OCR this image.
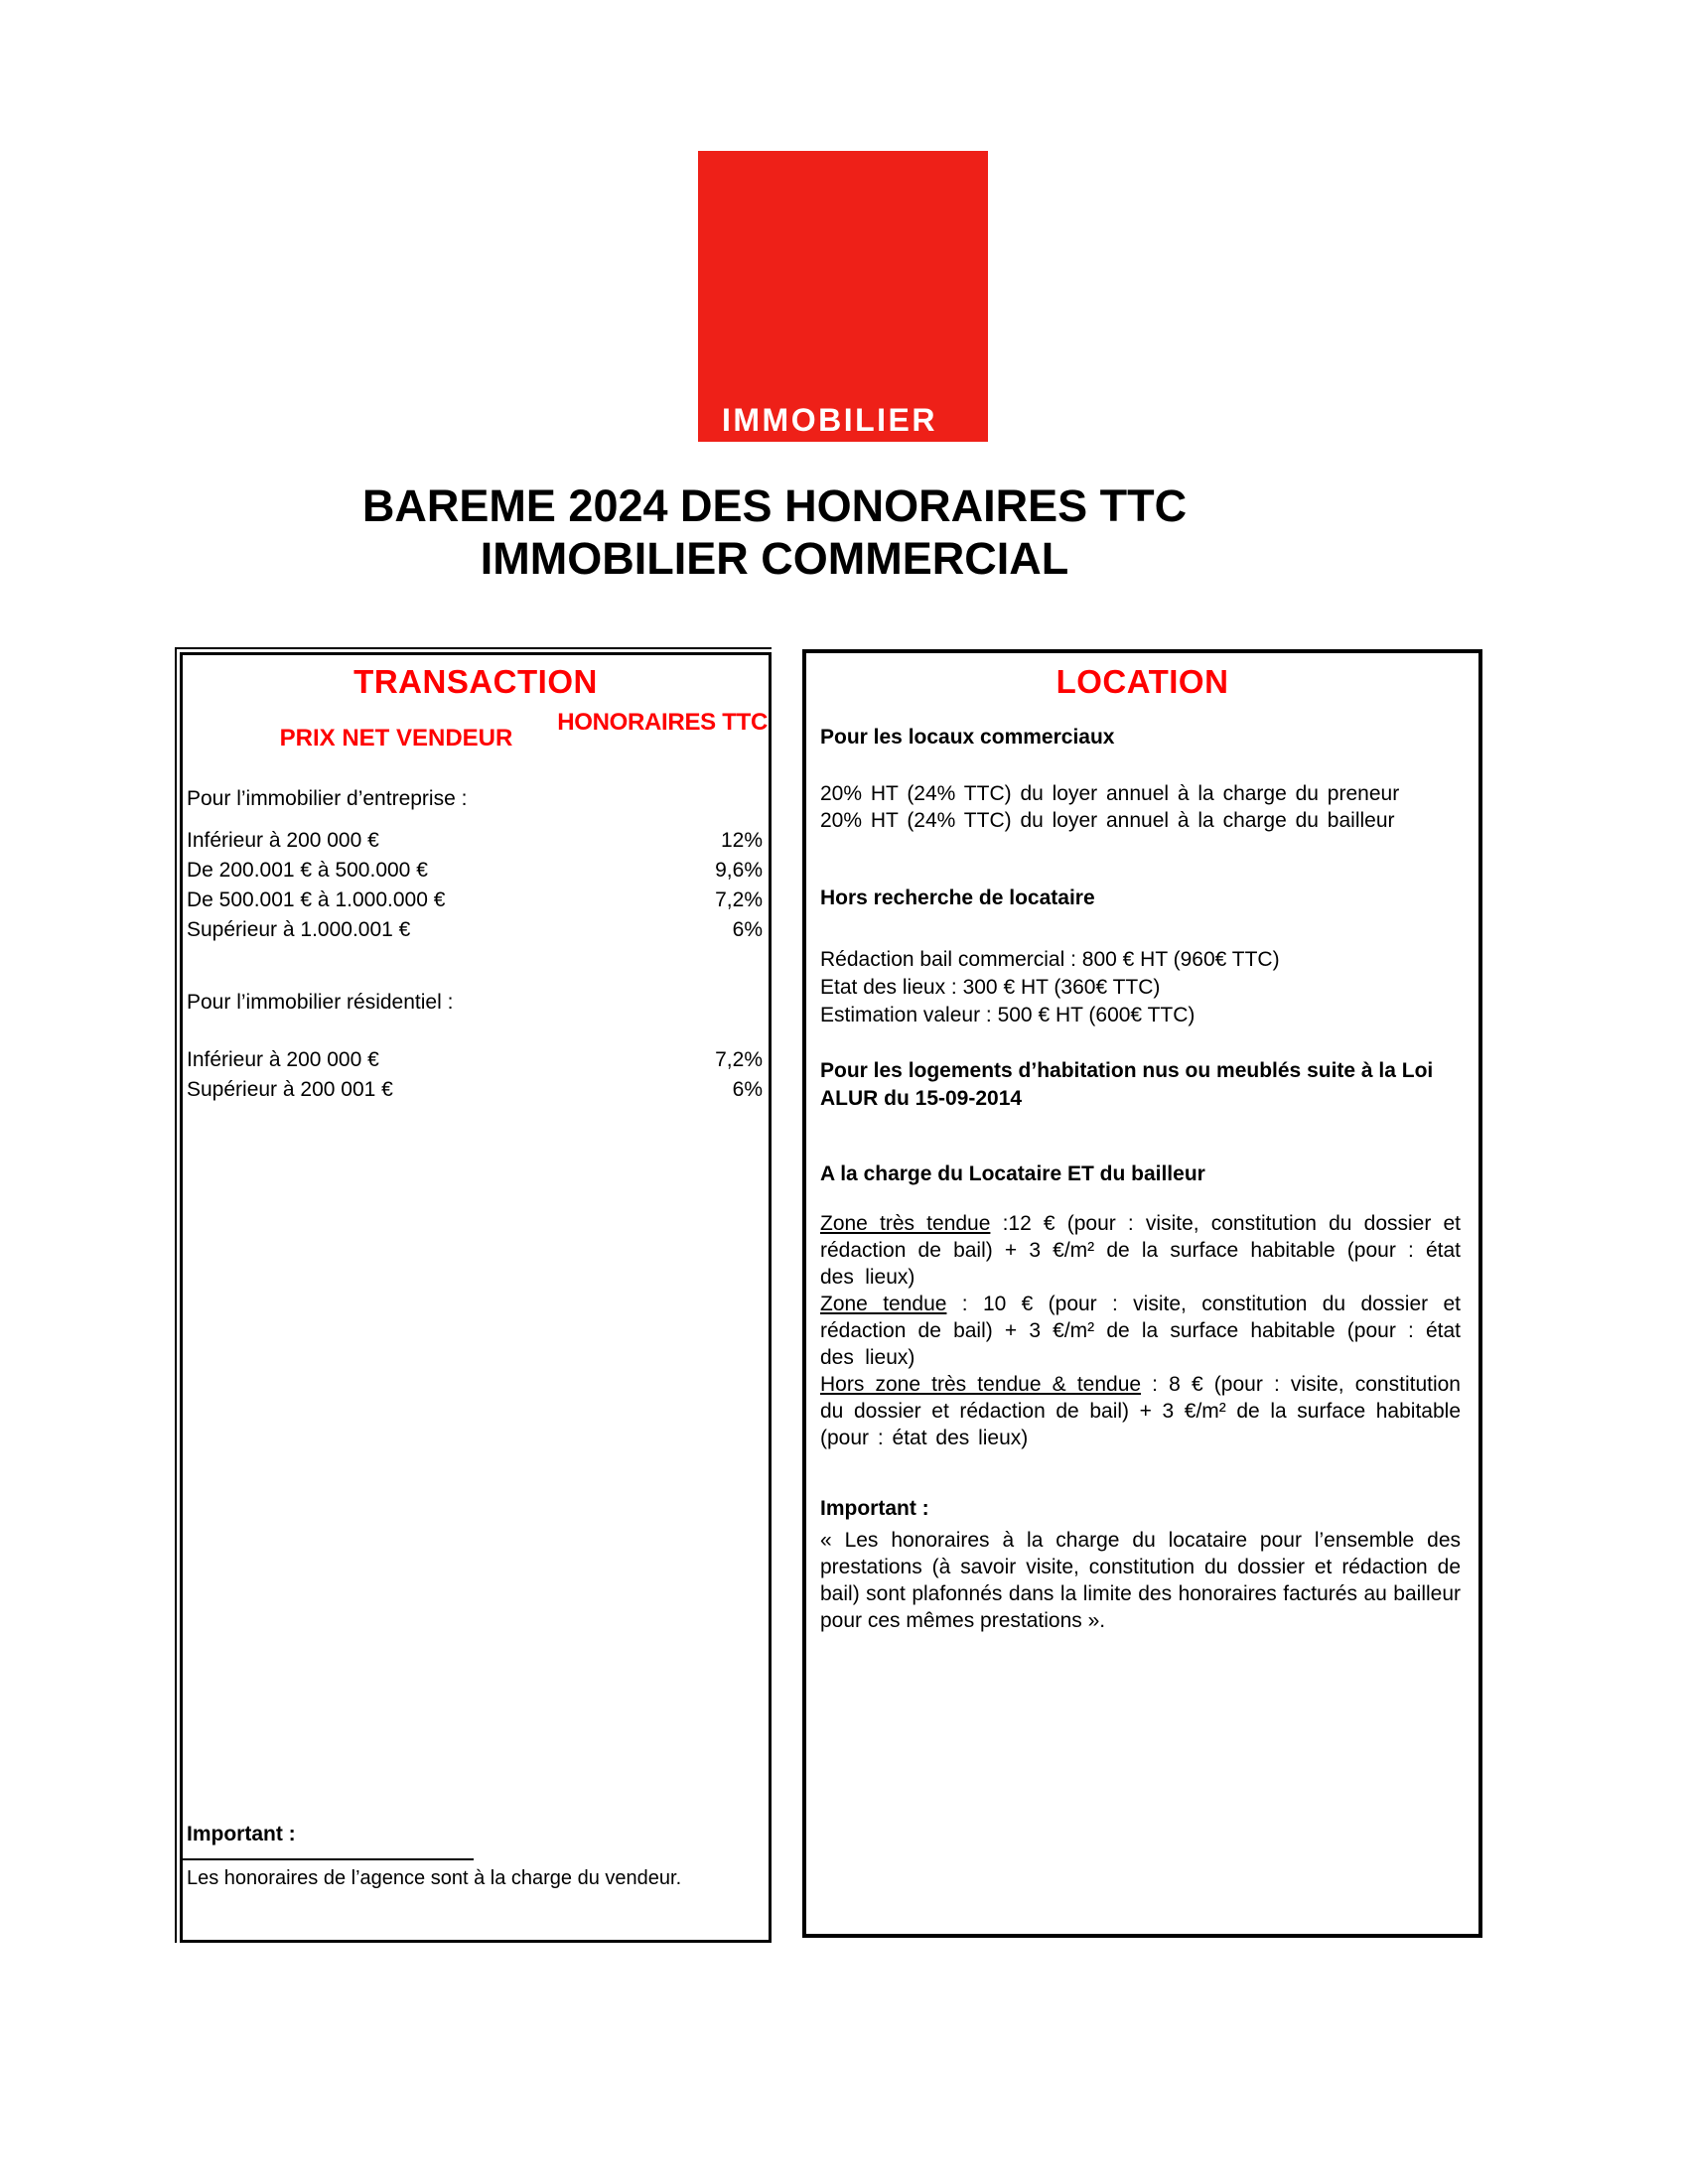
IMMOBILIER
COMMERCIAL
BAREME 2024 DES HONORAIRES TTC
IMMOBILIER COMMERCIAL
TRANSACTION
HONORAIRES TTC
PRIX NET VENDEUR
Pour l’immobilier d’entreprise :
Inférieur à 200 000 €	12%
De 200.001 € à 500.000 €	9,6%
De 500.001 € à 1.000.000 €	7,2%
Supérieur à 1.000.001 €	6%
Pour l’immobilier résidentiel :
Inférieur à 200 000 €	7,2%
Supérieur à 200 001 €	6%
Important :
Les honoraires de l’agence sont à la charge du vendeur.
LOCATION
Pour les locaux commerciaux
20% HT (24% TTC) du loyer annuel à la charge du preneur
20% HT (24% TTC) du loyer annuel à la charge du bailleur
Hors recherche de locataire
Rédaction bail commercial : 800 € HT (960€ TTC)
Etat des lieux : 300 € HT (360€ TTC)
Estimation valeur : 500 € HT (600€ TTC)
Pour les logements d’habitation nus ou meublés suite à la Loi
ALUR du 15-09-2014
A la charge du Locataire ET du bailleur

Zone très tendue :12 € (pour : visite, constitution du dossier et rédaction de bail) + 3 €/m² de la surface habitable (pour : état des lieux)

Zone tendue : 10 € (pour : visite, constitution du dossier et rédaction de bail) + 3 €/m² de la surface habitable (pour : état des lieux)

Hors zone très tendue & tendue : 8 € (pour : visite, constitution du dossier et rédaction de bail) + 3 €/m² de la surface habitable (pour : état des lieux)

Important :
« Les honoraires à la charge du locataire pour l’ensemble des prestations (à savoir visite, constitution du dossier et rédaction de bail) sont plafonnés dans la limite des honoraires facturés au bailleur pour ces mêmes prestations ».
